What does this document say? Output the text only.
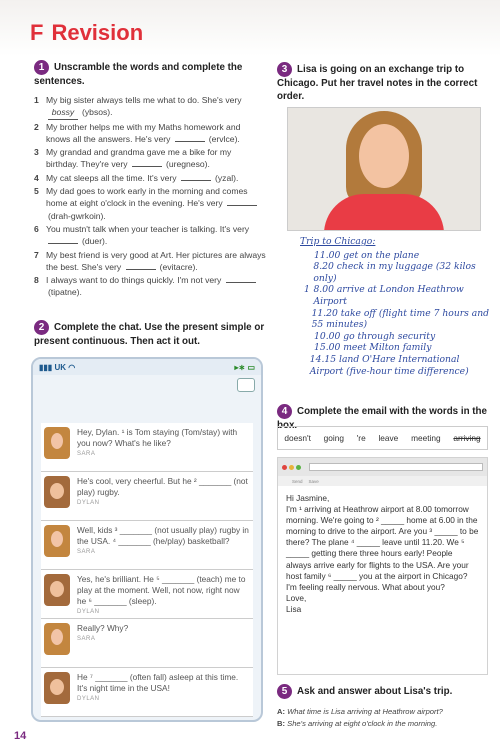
F Revision
1 Unscramble the words and complete the sentences.
1 My big sister always tells me what to do. She's very bossy (ybsos).
2 My brother helps me with my Maths homework and knows all the answers. He's very	(ervlce).
3 My grandad and grandma gave me a bike for my birthday. They're very	(uregneso).
4 My cat sleeps all the time. It's very	(yzal).
5 My dad goes to work early in the morning and comes home at eight o'clock in the evening. He's very (drah-gwrkoin).
6 You mustn't talk when your teacher is talking. It's very (duer).
7 My best friend is very good at Art. Her pictures are always the best. She's very	(evitacre).
8 I always want to do things quickly. I'm not very (tipatne).
2 Complete the chat. Use the present simple or present continuous. Then act it out.
▮▮▮ UK ◠	▸∗ ▭
Hey, Dylan. ¹ is Tom staying (Tom/stay) with you now? What's he like?
SARA
He's cool, very cheerful. But he ² _______ (not play) rugby.
DYLAN
Well, kids ³ _______ (not usually play) rugby in the USA. ⁴ _______ (he/play) basketball?
SARA
Yes, he's brilliant. He ⁵ _______ (teach) me to play at the moment. Well, not now, right now he ⁶ _______ (sleep).
DYLAN
Really? Why?
SARA
He ⁷ _______ (often fall) asleep at this time. It's night time in the USA!
DYLAN
3 Lisa is going on an exchange trip to Chicago. Put her travel notes in the correct order.
Trip to Chicago:
11.00 get on the plane
8.20 check in my luggage (32 kilos only)
1 8.00 arrive at London Heathrow Airport
11.20 take off (flight time 7 hours and 55 minutes)
10.00 go through security
15.00 meet Milton family
14.15 land O'Hare International Airport (five-hour time difference)
4 Complete the email with the words in the box.
doesn't going 're leave meeting arriving
Send Save
Hi Jasmine,
I'm ¹ arriving at Heathrow airport at 8.00 tomorrow morning. We're going to ² _____ home at 6.00 in the morning to drive to the airport. Are you ³ _____ to be there? The plane ⁴ _____ leave until 11.20. We ⁵ _____ getting there three hours early! People always arrive early for flights to the USA. Are your host family ⁶ _____ you at the airport in Chicago? I'm feeling really nervous. What about you?
Love,
Lisa
5 Ask and answer about Lisa's trip.
A: What time is Lisa arriving at Heathrow airport?
B: She's arriving at eight o'clock in the morning.
14
